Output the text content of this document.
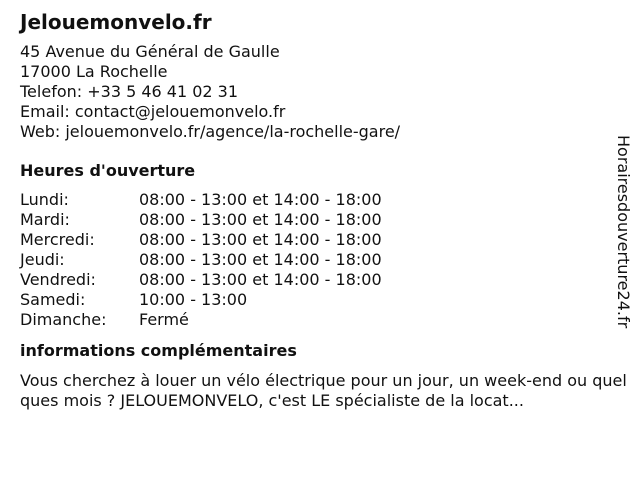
Jelouemonvelo.fr
45 Avenue du Général de Gaulle
17000 La Rochelle
Telefon: +33 5 46 41 02 31
Email: contact@jelouemonvelo.fr
Web: jelouemonvelo.fr/agence/la-rochelle-gare/
Heures d'ouverture
Lundi:	08:00 - 13:00 et 14:00 - 18:00
Mardi:	08:00 - 13:00 et 14:00 - 18:00
Mercredi:	08:00 - 13:00 et 14:00 - 18:00
Jeudi:	08:00 - 13:00 et 14:00 - 18:00
Vendredi:	08:00 - 13:00 et 14:00 - 18:00
Samedi:	10:00 - 13:00
Dimanche:	Fermé
informations complémentaires
Vous cherchez à louer un vélo électrique pour un jour, un week-end ou quelques mois ? JELOUEMONVELO, c'est LE spécialiste de la locat...
Horairesdouverture24.fr
